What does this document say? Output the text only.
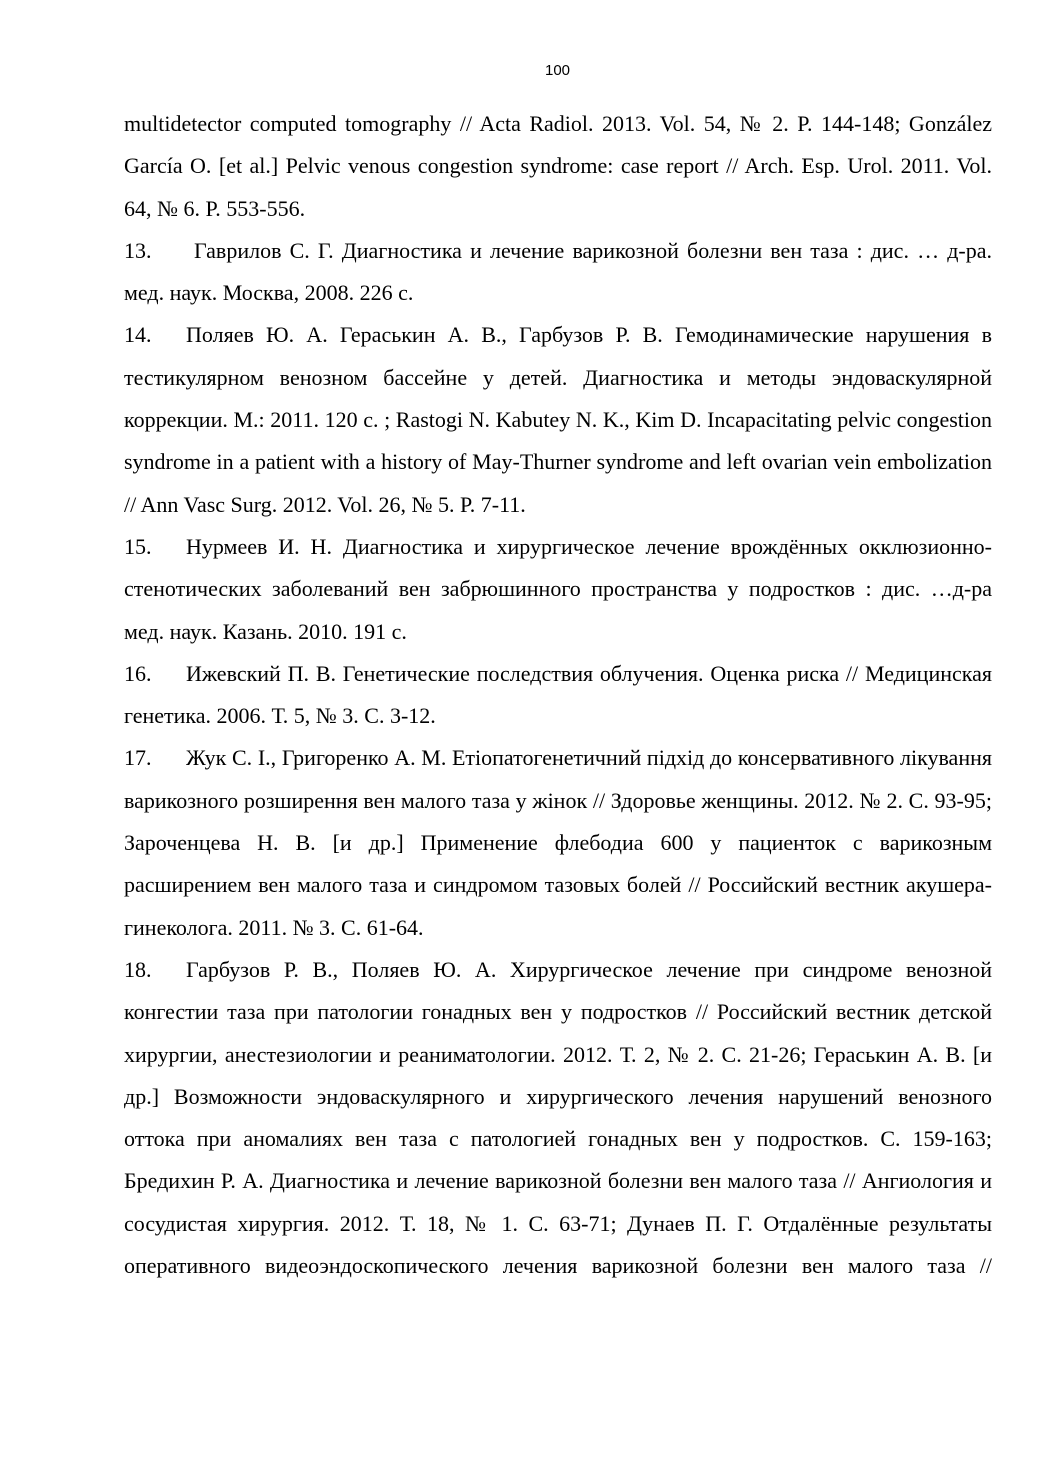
100

multidetector computed tomography // Acta Radiol. 2013. Vol. 54, № 2. P. 144-148; González García O. [et al.] Pelvic venous congestion syndrome: case report // Arch. Esp. Urol. 2011. Vol. 64, № 6. P. 553-556.

13. Гаврилов С. Г. Диагностика и лечение варикозной болезни вен таза : дис. … д-ра. мед. наук. Москва, 2008. 226 с.

14. Поляев Ю. А. Гераськин А. В., Гарбузов Р. В. Гемодинамические нарушения в тестикулярном венозном бассейне у детей. Диагностика и методы эндоваскулярной коррекции. М.: 2011. 120 с. ; Rastogi N. Kabutey N. K., Kim D. Incapacitating pelvic congestion syndrome in a patient with a history of May-Thurner syndrome and left ovarian vein embolization // Ann Vasc Surg. 2012. Vol. 26, № 5. P. 7-11.

15. Нурмеев И. Н. Диагностика и хирургическое лечение врождённых окклюзионно-стенотических заболеваний вен забрюшинного пространства у подростков : дис. …д-ра мед. наук. Казань. 2010. 191 с.

16. Ижевский П. В. Генетические последствия облучения. Оценка риска // Медицинская генетика. 2006. Т. 5, № 3. С. 3-12.

17. Жук С. І., Григоренко А. М. Етіопатогенетичний підхід до консервативного лікування варикозного розширення вен малого таза у жінок // Здоровье женщины. 2012. № 2. С. 93-95; Зароченцева Н. В. [и др.] Применение флебодиа 600 у пациенток с варикозным расширением вен малого таза и синдромом тазовых болей // Российский вестник акушера-гинеколога. 2011. № 3. С. 61-64.

18. Гарбузов Р. В., Поляев Ю. А. Хирургическое лечение при синдроме венозной конгестии таза при патологии гонадных вен у подростков // Российский вестник детской хирургии, анестезиологии и реаниматологии. 2012. Т. 2, № 2. С. 21-26; Гераськин А. В. [и др.] Возможности эндоваскулярного и хирургического лечения нарушений венозного оттока при аномалиях вен таза с патологией гонадных вен у подростков. С. 159-163; Бредихин Р. А. Диагностика и лечение варикозной болезни вен малого таза // Ангиология и сосудистая хирургия. 2012. Т. 18, № 1. С. 63-71; Дунаев П. Г. Отдалённые результаты оперативного видеоэндоскопического лечения варикозной болезни вен малого таза //
